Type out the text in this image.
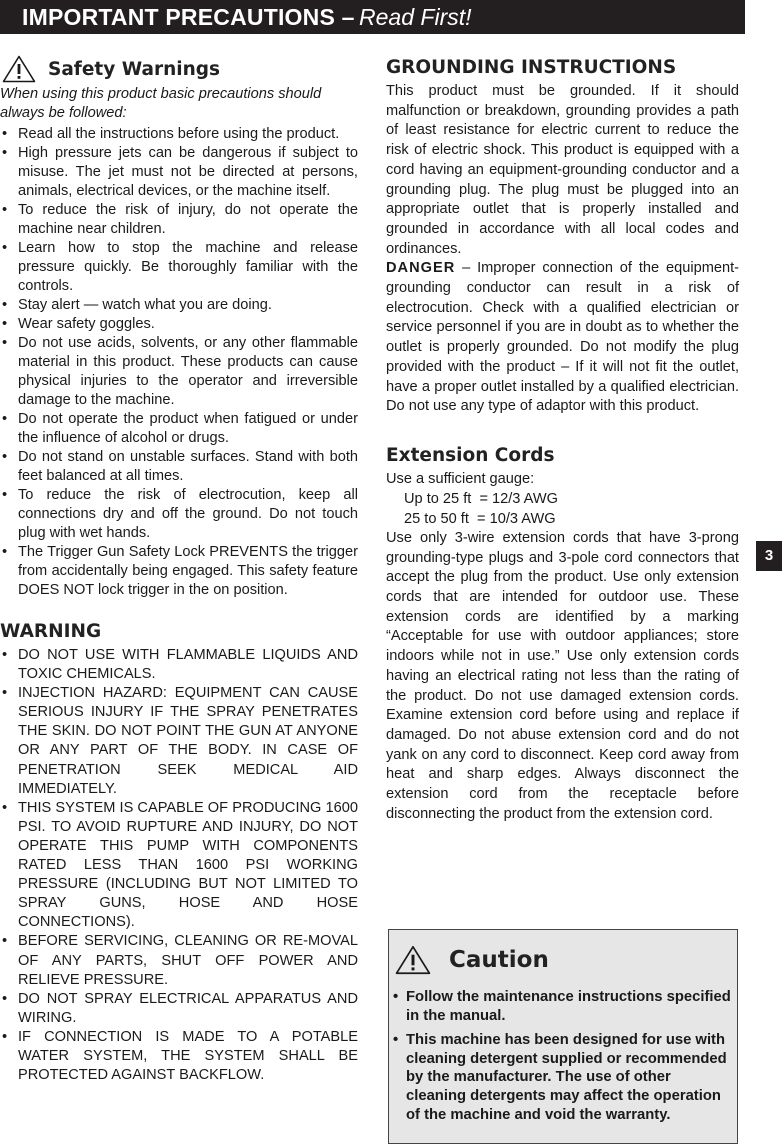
IMPORTANT PRECAUTIONS – Read First!
3
Safety Warnings
When using this product basic precautions should always be followed:
• Read all the instructions before using the product.
• High pressure jets can be dangerous if subject to misuse. The jet must not be directed at persons, animals, electrical devices, or the machine itself.
• To reduce the risk of injury, do not operate the machine near children.
• Learn how to stop the machine and release pressure quickly. Be thoroughly familiar with the controls.
• Stay alert — watch what you are doing.
• Wear safety goggles.
• Do not use acids, solvents, or any other flammable material in this product. These products can cause physical injuries to the operator and irreversible damage to the machine.
• Do not operate the product when fatigued or under the influence of alcohol or drugs.
• Do not stand on unstable surfaces. Stand with both feet balanced at all times.
• To reduce the risk of electrocution, keep all connections dry and off the ground. Do not touch plug with wet hands.
• The Trigger Gun Safety Lock PREVENTS the trigger from accidentally being engaged. This safety feature DOES NOT lock trigger in the on position.
WARNING
• DO NOT USE WITH FLAMMABLE LIQUIDS AND TOXIC CHEMICALS.
• INJECTION HAZARD: EQUIPMENT CAN CAUSE SERIOUS INJURY IF THE SPRAY PENETRATES THE SKIN. DO NOT POINT THE GUN AT ANYONE OR ANY PART OF THE BODY. IN CASE OF PENETRATION SEEK MEDICAL AID IMMEDIATELY.
• THIS SYSTEM IS CAPABLE OF PRODUCING 1600 PSI. TO AVOID RUPTURE AND INJURY, DO NOT OPERATE THIS PUMP WITH COMPONENTS RATED LESS THAN 1600 PSI WORKING PRESSURE (INCLUDING BUT NOT LIMITED TO SPRAY GUNS, HOSE AND HOSE CONNECTIONS).
• BEFORE SERVICING, CLEANING OR RE-MOVAL OF ANY PARTS, SHUT OFF POWER AND RELIEVE PRESSURE.
• DO NOT SPRAY ELECTRICAL APPARATUS AND WIRING.
• IF CONNECTION IS MADE TO A POTABLE WATER SYSTEM, THE SYSTEM SHALL BE PROTECTED AGAINST BACKFLOW.
GROUNDING INSTRUCTIONS

This product must be grounded. If it should malfunction or breakdown, grounding provides a path of least resistance for electric current to reduce the risk of electric shock. This product is equipped with a cord having an equipment-grounding conductor and a grounding plug. The plug must be plugged into an appropriate outlet that is properly installed and grounded in accordance with all local codes and ordinances.

DANGER – Improper connection of the equipment-grounding conductor can result in a risk of electrocution. Check with a qualified electrician or service personnel if you are in doubt as to whether the outlet is properly grounded. Do not modify the plug provided with the product – If it will not fit the outlet, have a proper outlet installed by a qualified electrician. Do not use any type of adaptor with this product.

Extension Cords
Use a sufficient gauge:
Up to 25 ft  = 12/3 AWG
25 to 50 ft  = 10/3 AWG

Use only 3-wire extension cords that have 3-prong grounding-type plugs and 3-pole cord connectors that accept the plug from the product. Use only extension cords that are intended for outdoor use. These extension cords are identified by a marking “Acceptable for use with outdoor appliances; store indoors while not in use.” Use only extension cords having an electrical rating not less than the rating of the product. Do not use damaged extension cords. Examine extension cord before using and replace if damaged. Do not abuse extension cord and do not yank on any cord to disconnect. Keep cord away from heat and sharp edges. Always disconnect the extension cord from the receptacle before disconnecting the product from the extension cord.

Caution
• Follow the maintenance instructions specified in the manual.
• This machine has been designed for use with cleaning detergent supplied or recommended by the manufacturer. The use of other cleaning detergents may affect the operation of the machine and void the warranty.
